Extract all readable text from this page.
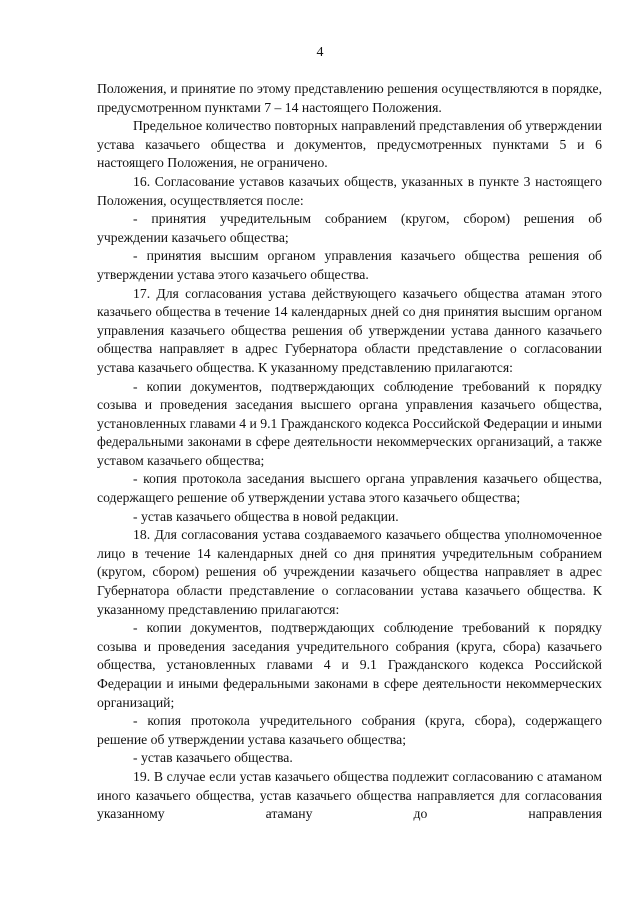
4

Положения, и принятие по этому представлению решения осуществляются в порядке, предусмотренном пунктами 7 – 14 настоящего Положения.

Предельное количество повторных направлений представления об утверждении устава казачьего общества и документов, предусмотренных пунктами 5 и 6 настоящего Положения, не ограничено.

16. Согласование уставов казачьих обществ, указанных в пункте 3 настоящего Положения, осуществляется после:

- принятия учредительным собранием (кругом, сбором) решения об учреждении казачьего общества;

- принятия высшим органом управления казачьего общества решения об утверждении устава этого казачьего общества.

17. Для согласования устава действующего казачьего общества атаман этого казачьего общества в течение 14 календарных дней со дня принятия высшим органом управления казачьего общества решения об утверждении устава данного казачьего общества направляет в адрес Губернатора области представление о согласовании устава казачьего общества. К указанному представлению прилагаются:

- копии документов, подтверждающих соблюдение требований к порядку созыва и проведения заседания высшего органа управления казачьего общества, установленных главами 4 и 9.1 Гражданского кодекса Российской Федерации и иными федеральными законами в сфере деятельности некоммерческих организаций, а также уставом казачьего общества;

- копия протокола заседания высшего органа управления казачьего общества, содержащего решение об утверждении устава этого казачьего общества;

- устав казачьего общества в новой редакции.

18. Для согласования устава создаваемого казачьего общества уполномоченное лицо в течение 14 календарных дней со дня принятия учредительным собранием (кругом, сбором) решения об учреждении казачьего общества направляет в адрес Губернатора области представление о согласовании устава казачьего общества. К указанному представлению прилагаются:

- копии документов, подтверждающих соблюдение требований к порядку созыва и проведения заседания учредительного собрания (круга, сбора) казачьего общества, установленных главами 4 и 9.1 Гражданского кодекса Российской Федерации и иными федеральными законами в сфере деятельности некоммерческих организаций;

- копия протокола учредительного собрания (круга, сбора), содержащего решение об утверждении устава казачьего общества;

- устав казачьего общества.

19. В случае если устав казачьего общества подлежит согласованию с атаманом иного казачьего общества, устав казачьего общества направляется для согласования указанному атаману до направления
